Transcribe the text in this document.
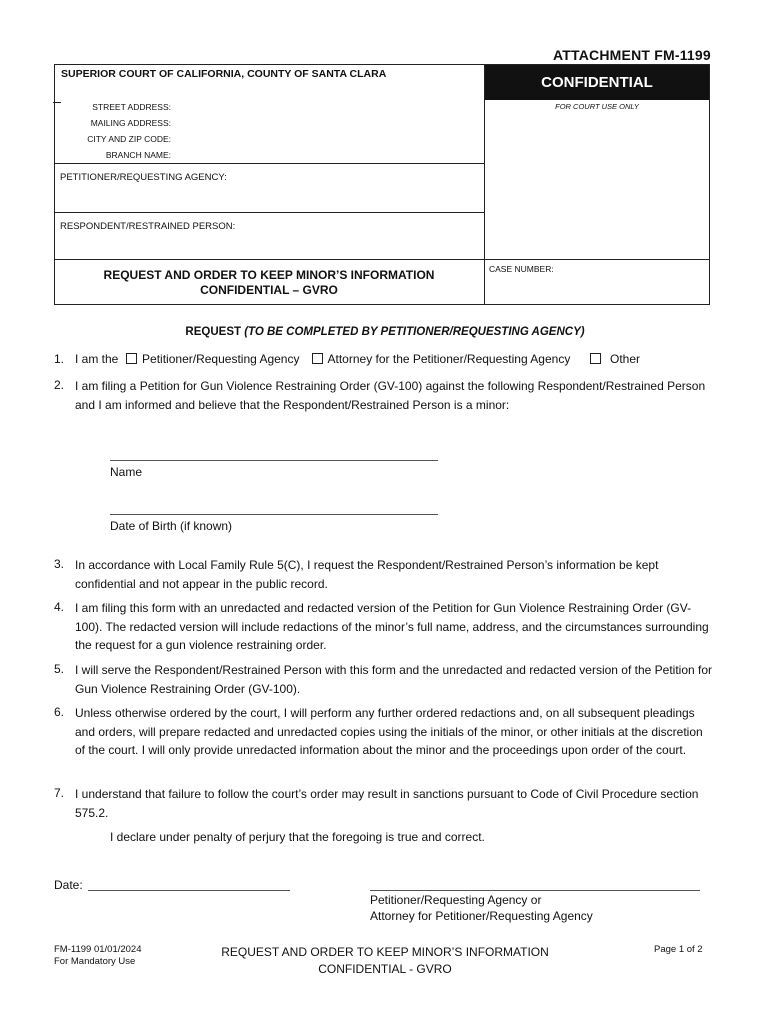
ATTACHMENT FM-1199
CONFIDENTIAL
FOR COURT USE ONLY
SUPERIOR COURT OF CALIFORNIA, COUNTY OF SANTA CLARA
STREET ADDRESS:
MAILING ADDRESS:
CITY AND ZIP CODE:
BRANCH NAME:
PETITIONER/REQUESTING AGENCY:
RESPONDENT/RESTRAINED PERSON:
REQUEST AND ORDER TO KEEP MINOR’S INFORMATION
CONFIDENTIAL – GVRO
CASE NUMBER:
REQUEST (TO BE COMPLETED BY PETITIONER/REQUESTING AGENCY)
1. I am the Petitioner/Requesting Agency Attorney for the Petitioner/Requesting Agency	Other
2. I am filing a Petition for Gun Violence Restraining Order (GV-100) against the following Respondent/Restrained Person and I am informed and believe that the Respondent/Restrained Person is a minor:
Name
Date of Birth (if known)
3. In accordance with Local Family Rule 5(C), I request the Respondent/Restrained Person’s information be kept confidential and not appear in the public record.
4. I am filing this form with an unredacted and redacted version of the Petition for Gun Violence Restraining Order (GV-100). The redacted version will include redactions of the minor’s full name, address, and the circumstances surrounding the request for a gun violence restraining order.
5. I will serve the Respondent/Restrained Person with this form and the unredacted and redacted version of the Petition for Gun Violence Restraining Order (GV-100).
6. Unless otherwise ordered by the court, I will perform any further ordered redactions and, on all subsequent pleadings and orders, will prepare redacted and unredacted copies using the initials of the minor, or other initials at the discretion of the court. I will only provide unredacted information about the minor and the proceedings upon order of the court.
7. I understand that failure to follow the court’s order may result in sanctions pursuant to Code of Civil Procedure section 575.2.
I declare under penalty of perjury that the foregoing is true and correct.
Date:
Petitioner/Requesting Agency or
Attorney for Petitioner/Requesting Agency
FM-1199 01/01/2024
For Mandatory Use
REQUEST AND ORDER TO KEEP MINOR’S INFORMATION
CONFIDENTIAL - GVRO
Page 1 of 2
